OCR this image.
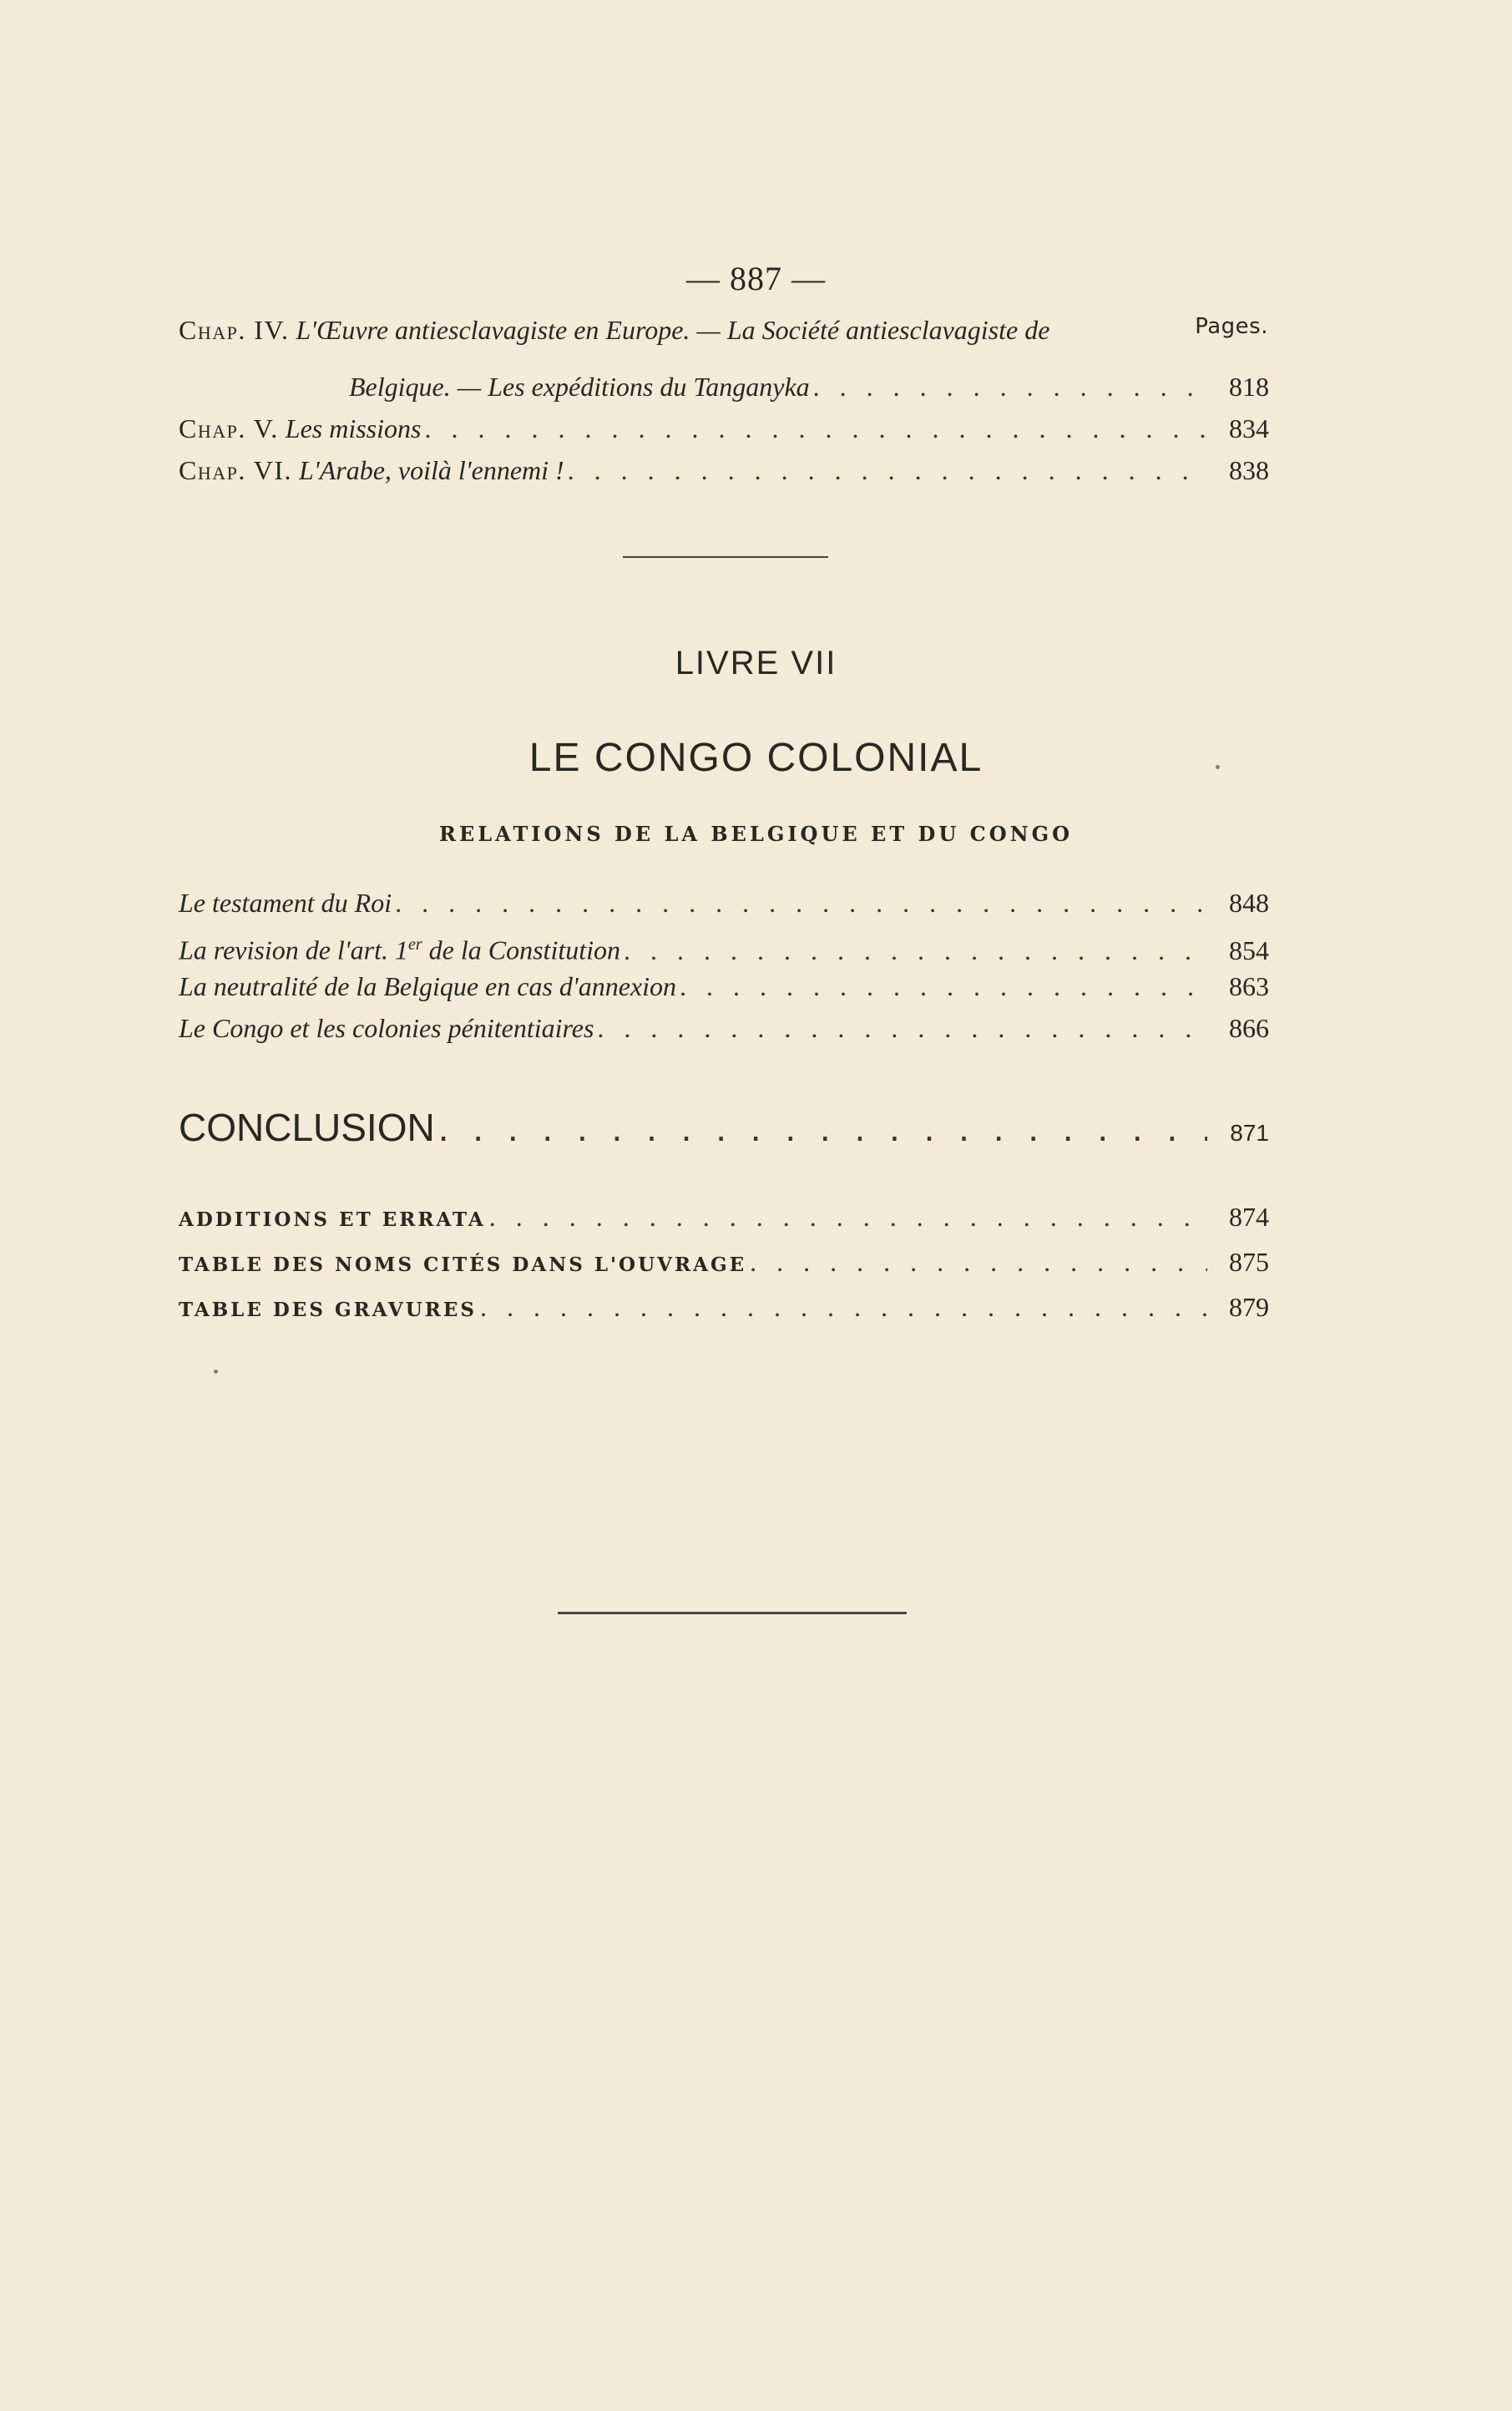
— 887 —
Pages.
Chap. IV. L'Œuvre antiesclavagiste en Europe. — La Société antiesclavagiste de
Belgique. — Les expéditions du Tanganyka . . .	818
Chap. V. Les missions . . .	834
Chap. VI. L'Arabe, voilà l'ennemi ! . . .	838
LIVRE VII
LE CONGO COLONIAL
RELATIONS DE LA BELGIQUE ET DU CONGO
Le testament du Roi . . .	848
La revision de l'art. 1er de la Constitution . . .	854
La neutralité de la Belgique en cas d'annexion . . .	863
Le Congo et les colonies pénitentiaires . . .	866
CONCLUSION . . .	871
ADDITIONS ET ERRATA . . .	874
TABLE DES NOMS CITÉS DANS L'OUVRAGE . . .	875
TABLE DES GRAVURES . . .	879
